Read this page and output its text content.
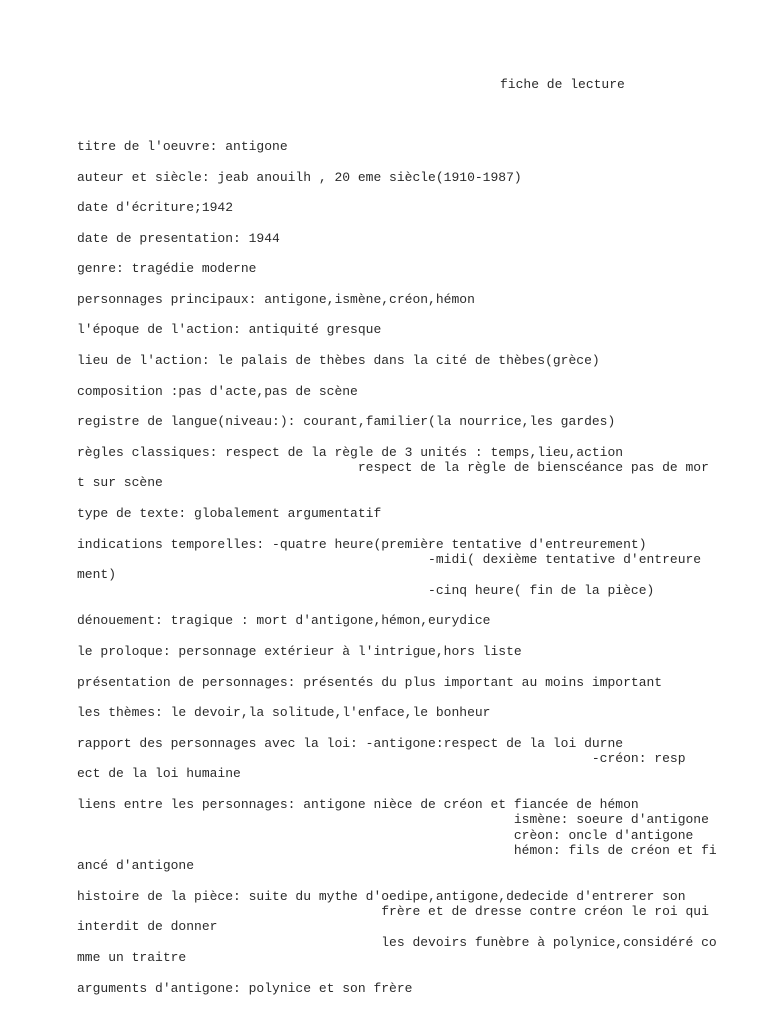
fiche de lecture
titre de l'oeuvre: antigone
auteur et siècle: jeab anouilh , 20 eme siècle(1910-1987)
date d'écriture;1942
date de presentation: 1944
genre: tragédie moderne
personnages principaux: antigone,ismène,créon,hémon
l'époque de l'action: antiquité gresque
lieu de l'action: le palais de thèbes dans la cité de thèbes(grèce)
composition :pas d'acte,pas de scène
registre de langue(niveau:): courant,familier(la nourrice,les gardes)
règles classiques: respect de la règle de 3 unités : temps,lieu,action
respect de la règle de bienscéance pas de mor
t sur scène
type de texte: globalement argumentatif
indications temporelles: -quatre heure(première tentative d'entreurement)
-midi( dexième tentative d'entreure
ment)
-cinq heure( fin de la pièce)
dénouement: tragique : mort d'antigone,hémon,eurydice
le proloque: personnage extérieur à l'intrigue,hors liste
présentation de personnages: présentés du plus important au moins important
les thèmes: le devoir,la solitude,l'enface,le bonheur
rapport des personnages avec la loi: -antigone:respect de la loi durne
-créon: resp
ect de la loi humaine
liens entre les personnages: antigone nièce de créon et fiancée de hémon
ismène: soeure d'antigone
crèon: oncle d'antigone
hémon: fils de créon et fi
ancé d'antigone
histoire de la pièce: suite du mythe d'oedipe,antigone,dedecide d'entrerer son
frère et de dresse contre créon le roi qui
interdit de donner
les devoirs funèbre à polynice,considéré co
mme un traitre
arguments d'antigone: polynice et son frère
